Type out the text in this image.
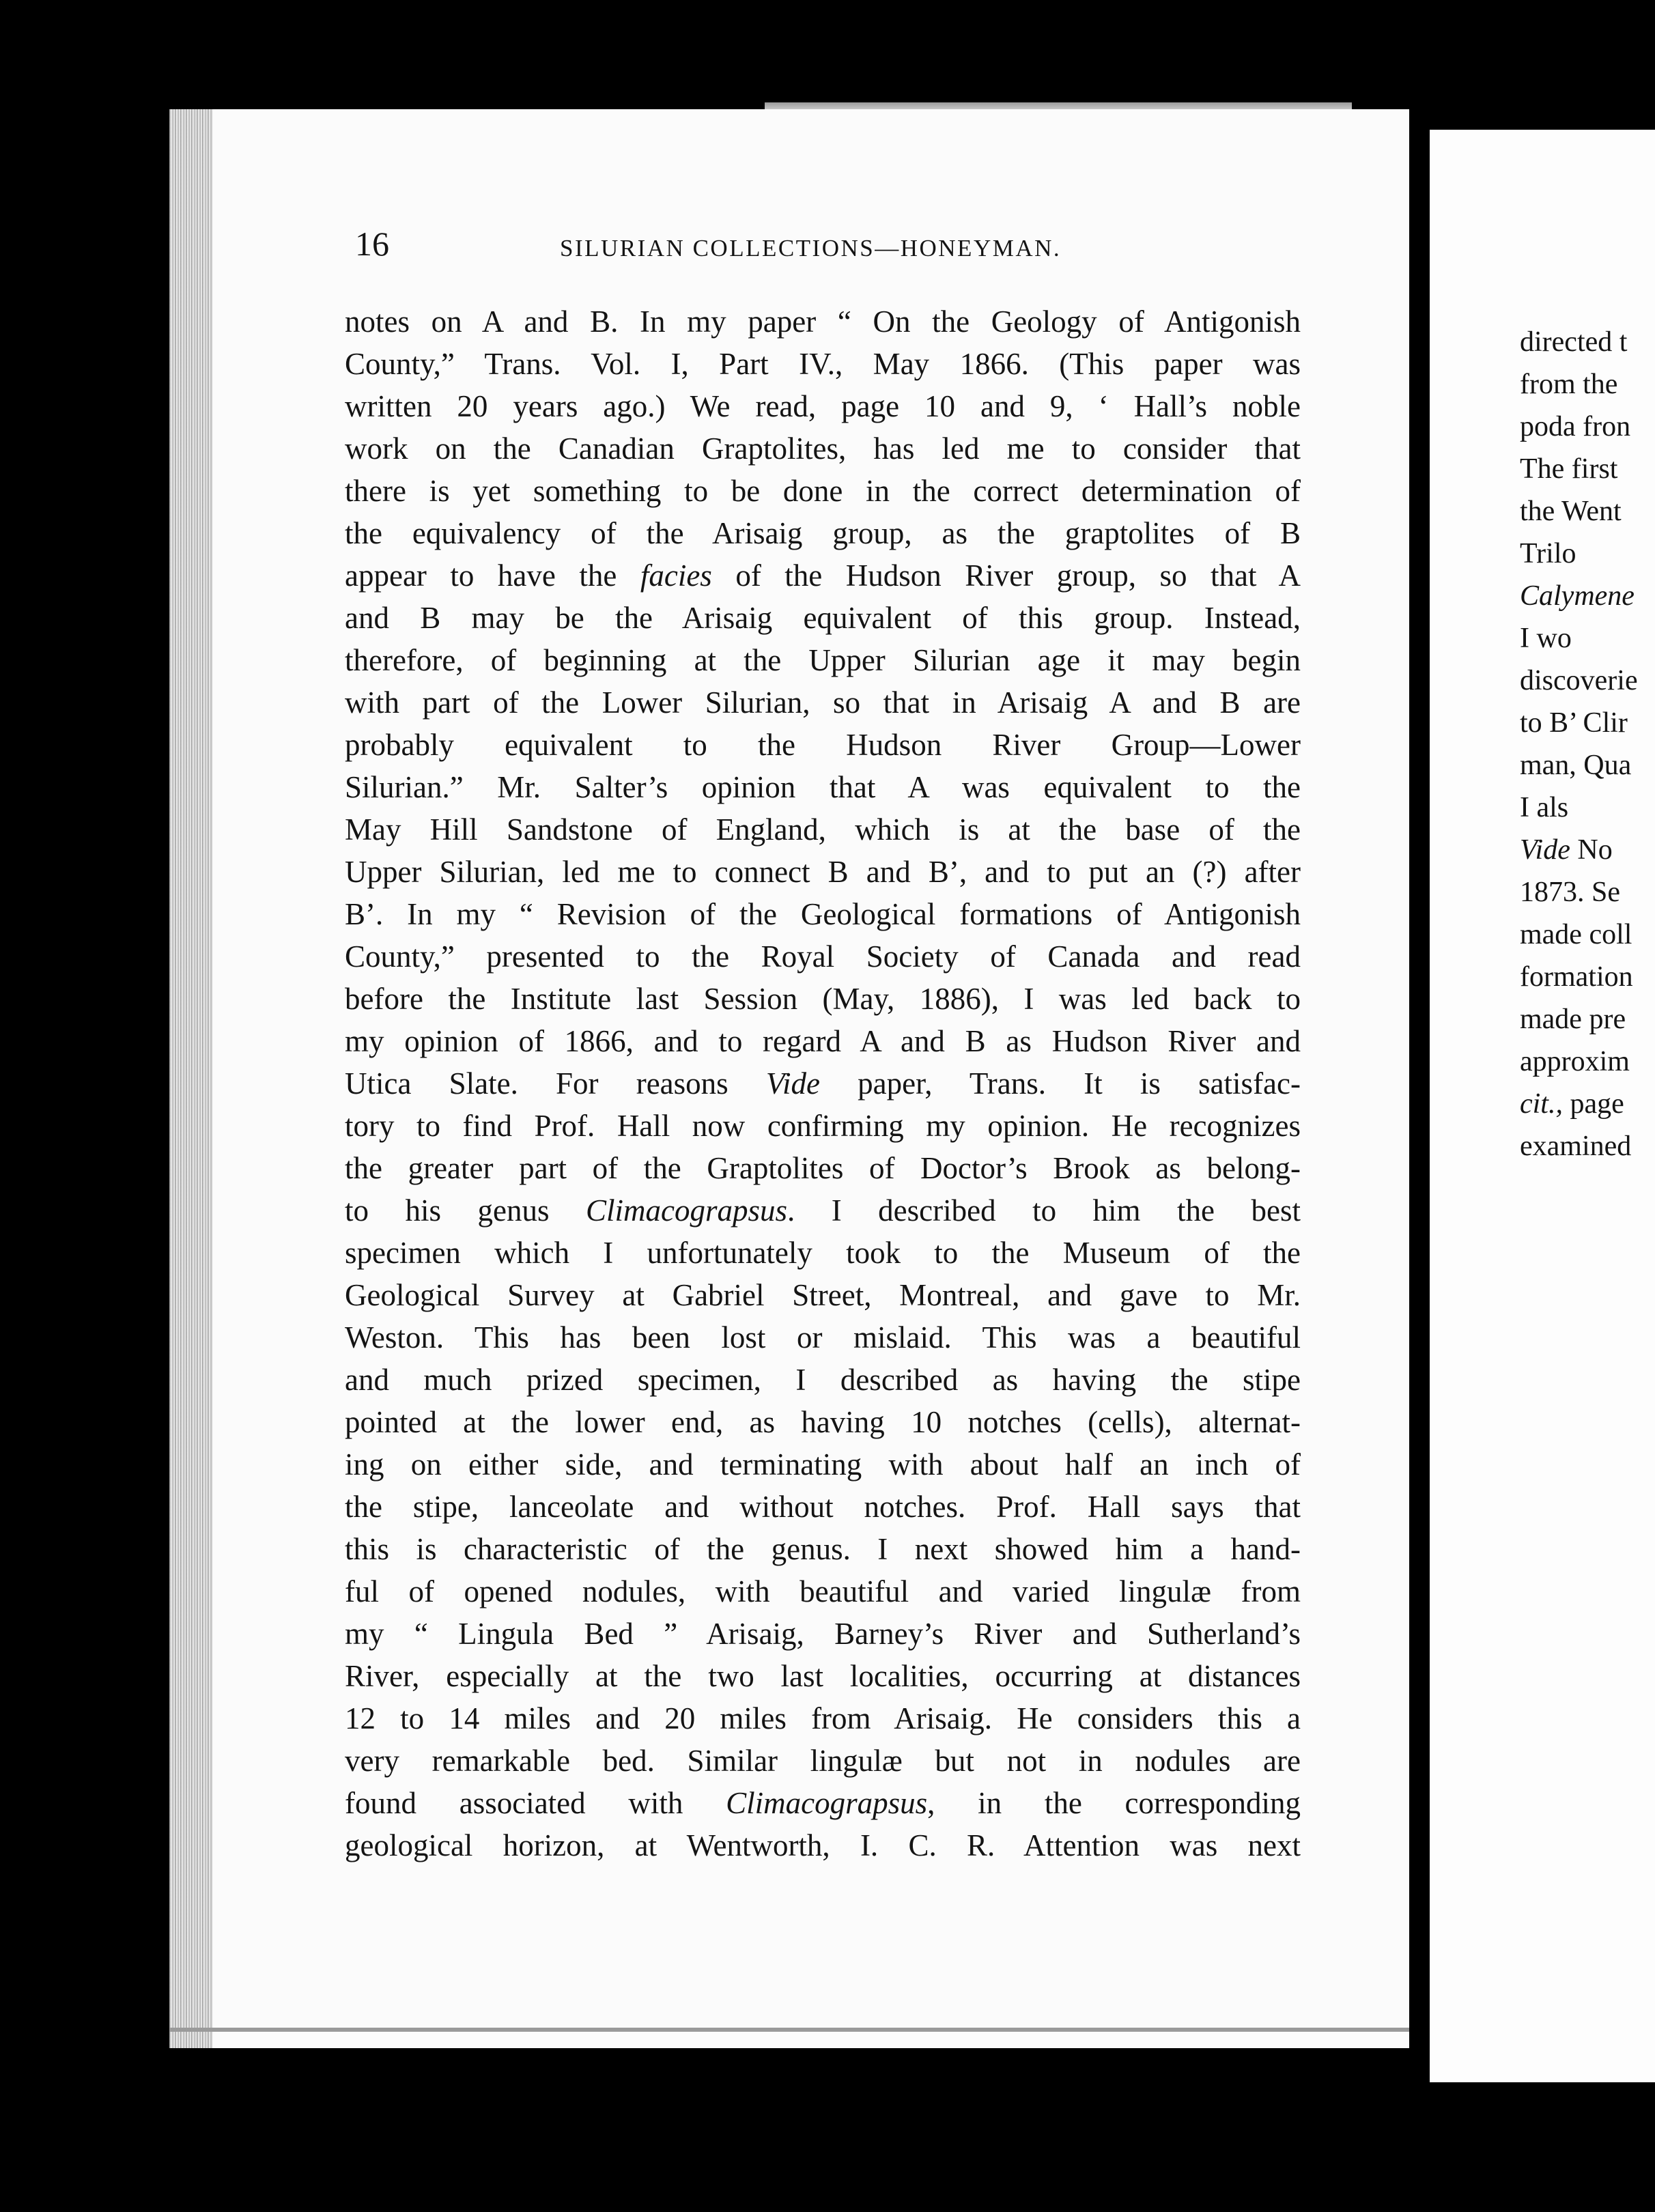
16	SILURIAN COLLECTIONS—HONEYMAN.
notes on A and B. In my paper “ On the Geology of Antigonish
County,” Trans. Vol. I, Part IV., May 1866. (This paper was
written 20 years ago.) We read, page 10 and 9, ‘ Hall’s noble
work on the Canadian Graptolites, has led me to consider that
there is yet something to be done in the correct determination of
the equivalency of the Arisaig group, as the graptolites of B
appear to have the facies of the Hudson River group, so that A
and B may be the Arisaig equivalent of this group. Instead,
therefore, of beginning at the Upper Silurian age it may begin
with part of the Lower Silurian, so that in Arisaig A and B are
probably equivalent to the Hudson River Group—Lower
Silurian.” Mr. Salter’s opinion that A was equivalent to the
May Hill Sandstone of England, which is at the base of the
Upper Silurian, led me to connect B and B’, and to put an (?) after
B’. In my “ Revision of the Geological formations of Antigonish
County,” presented to the Royal Society of Canada and read
before the Institute last Session (May, 1886), I was led back to
my opinion of 1866, and to regard A and B as Hudson River and
Utica Slate. For reasons Vide paper, Trans. It is satisfac-
tory to find Prof. Hall now confirming my opinion. He recognizes
the greater part of the Graptolites of Doctor’s Brook as belong-
to his genus Climacograpsus. I described to him the best
specimen which I unfortunately took to the Museum of the
Geological Survey at Gabriel Street, Montreal, and gave to Mr.
Weston. This has been lost or mislaid. This was a beautiful
and much prized specimen, I described as having the stipe
pointed at the lower end, as having 10 notches (cells), alternat-
ing on either side, and terminating with about half an inch of
the stipe, lanceolate and without notches. Prof. Hall says that
this is characteristic of the genus. I next showed him a hand-
ful of opened nodules, with beautiful and varied lingulæ from
my “ Lingula Bed ” Arisaig, Barney’s River and Sutherland’s
River, especially at the two last localities, occurring at distances
12 to 14 miles and 20 miles from Arisaig. He considers this a
very remarkable bed. Similar lingulæ but not in nodules are
found associated with Climacograpsus, in the corresponding
geological horizon, at Wentworth, I. C. R. Attention was next
directed t
from the
poda fron
The first
the Went
Trilo
Calymene
I wo
discoverie
to B’ Clir
man, Qua
I als
Vide No
1873. Se
made coll
formation
made pre
approxim
cit., page
examined
